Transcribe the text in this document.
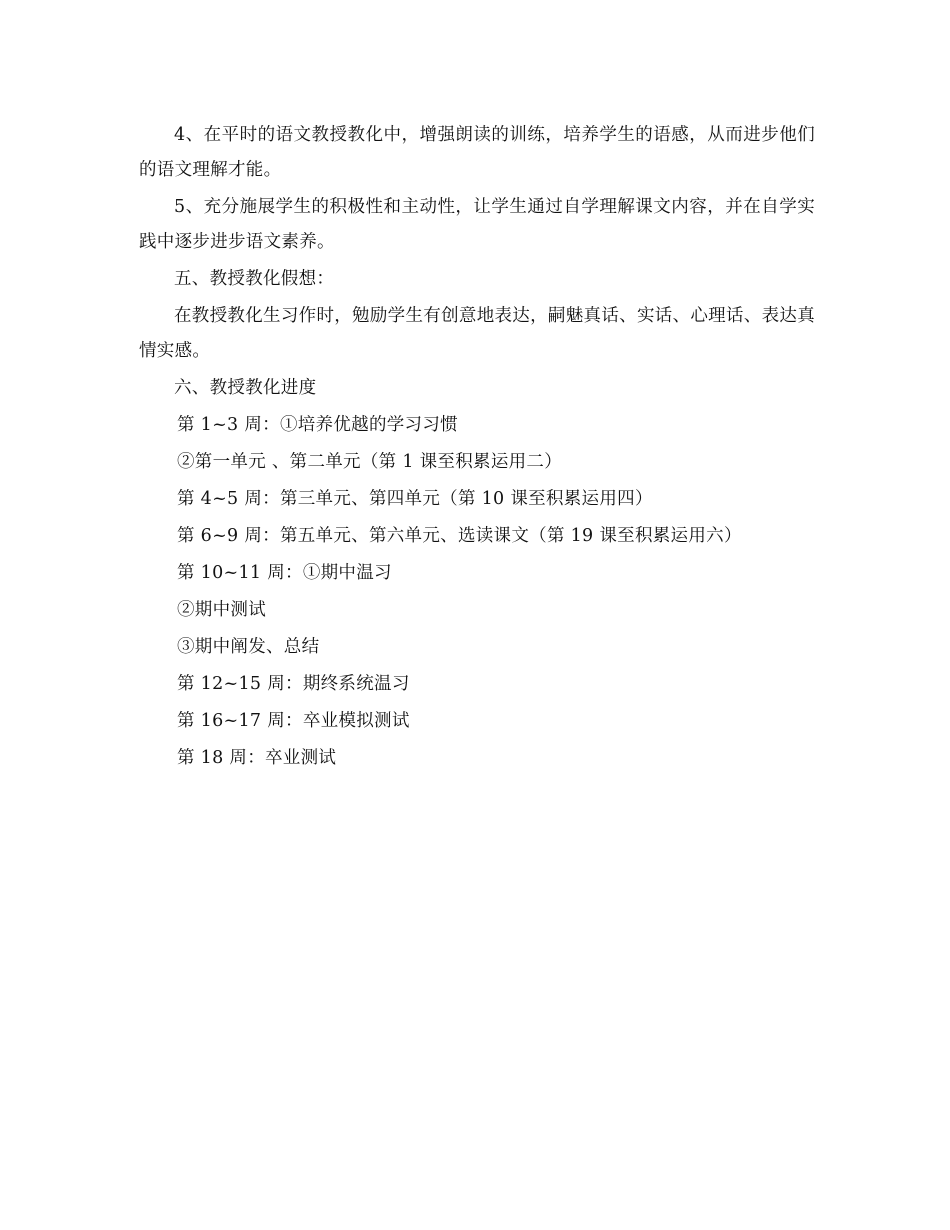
4、在平时的语文教授教化中，增强朗读的训练，培养学生的语感，从而进步他们的语文理解才能。

5、充分施展学生的积极性和主动性，让学生通过自学理解课文内容，并在自学实践中逐步进步语文素养。

五、教授教化假想：

在教授教化生习作时，勉励学生有创意地表达，嗣魅真话、实话、心理话、表达真情实感。

六、教授教化进度

第 1~3 周：①培养优越的学习习惯
②第一单元 、第二单元（第 1 课至积累运用二）
第 4~5 周：第三单元、第四单元（第 10 课至积累运用四）
第 6~9 周：第五单元、第六单元、选读课文（第 19 课至积累运用六）
第 10~11 周：①期中温习
②期中测试
③期中阐发、总结
第 12~15 周：期终系统温习
第 16~17 周：卒业模拟测试
第 18 周：卒业测试
